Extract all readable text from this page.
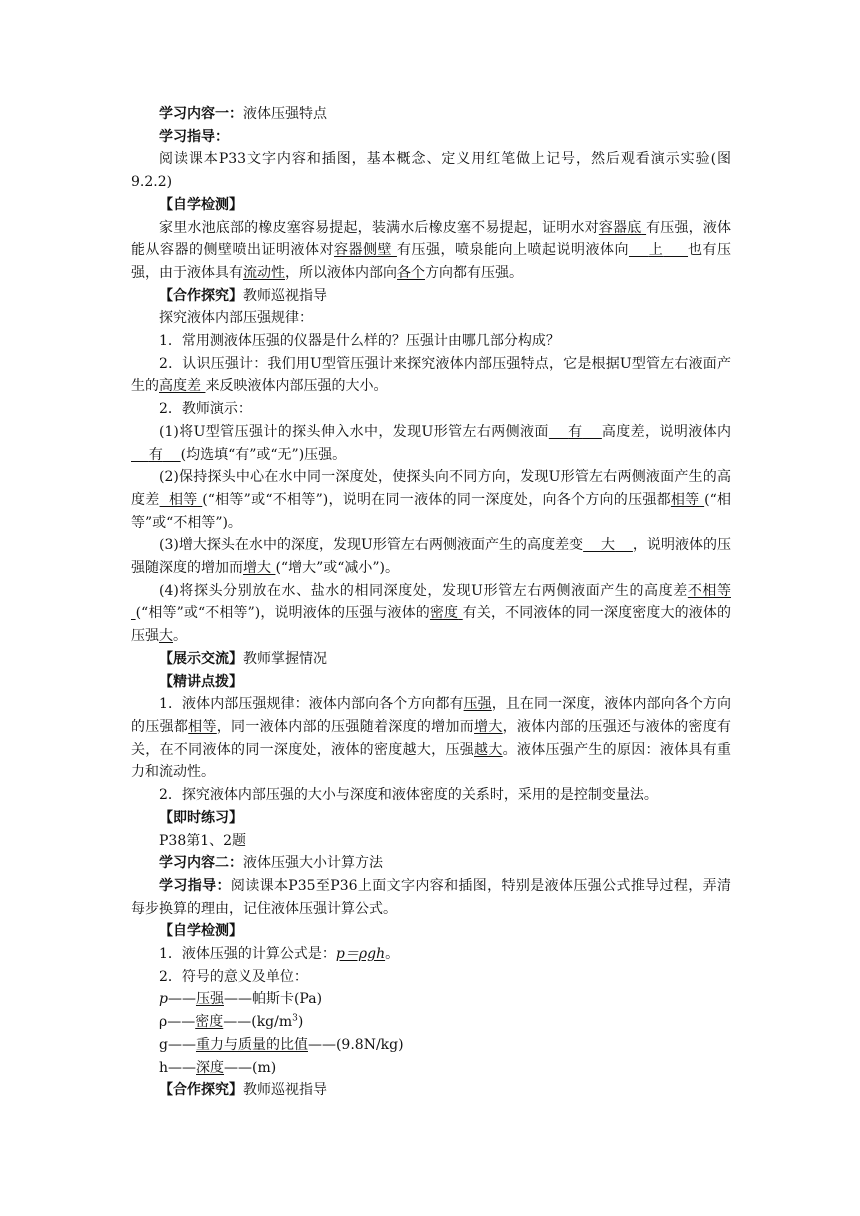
学习内容一：液体压强特点

学习指导：

阅读课本P33文字内容和插图，基本概念、定义用红笔做上记号，然后观看演示实验(图9.2.2)

【自学检测】

家里水池底部的橡皮塞容易提起，装满水后橡皮塞不易提起，证明水对容器底 有压强，液体能从容器的侧壁喷出证明液体对容器侧壁 有压强，喷泉能向上喷起说明液体向 上 也有压强，由于液体具有流动性，所以液体内部向各个方向都有压强。

【合作探究】教师巡视指导

探究液体内部压强规律：

1．常用测液体压强的仪器是什么样的？压强计由哪几部分构成？

2．认识压强计：我们用U型管压强计来探究液体内部压强特点，它是根据U型管左右液面产生的高度差 来反映液体内部压强的大小。

2．教师演示：

(1)将U型管压强计的探头伸入水中，发现U形管左右两侧液面 有 高度差，说明液体内    有 (均选填“有”或“无”)压强。

(2)保持探头中心在水中同一深度处，使探头向不同方向，发现U形管左右两侧液面产生的高度差 相等 (“相等”或“不相等”)，说明在同一液体的同一深度处，向各个方向的压强都相等 (“相等”或“不相等”)。

(3)增大探头在水中的深度，发现U形管左右两侧液面产生的高度差变 大 ，说明液体的压强随深度的增加而增大 (“增大”或“减小”)。

(4)将探头分别放在水、盐水的相同深度处，发现U形管左右两侧液面产生的高度差不相等 (“相等”或“不相等”)，说明液体的压强与液体的密度 有关，不同液体的同一深度密度大的液体的压强大。

【展示交流】教师掌握情况

【精讲点拨】

1．液体内部压强规律：液体内部向各个方向都有压强，且在同一深度，液体内部向各个方向的压强都相等，同一液体内部的压强随着深度的增加而增大，液体内部的压强还与液体的密度有关，在不同液体的同一深度处，液体的密度越大，压强越大。液体压强产生的原因：液体具有重力和流动性。

2．探究液体内部压强的大小与深度和液体密度的关系时，采用的是控制变量法。

【即时练习】

P38第1、2题

学习内容二：液体压强大小计算方法

学习指导：阅读课本P35至P36上面文字内容和插图，特别是液体压强公式推导过程，弄清每步换算的理由，记住液体压强计算公式。

【自学检测】

1．液体压强的计算公式是：p＝ρgh。

2．符号的意义及单位：

p——压强——帕斯卡(Pa)

ρ——密度$——(kg/m^3)$

g——重力与质量的比值——(9.8N/kg)

h——深度——(m)

【合作探究】教师巡视指导
